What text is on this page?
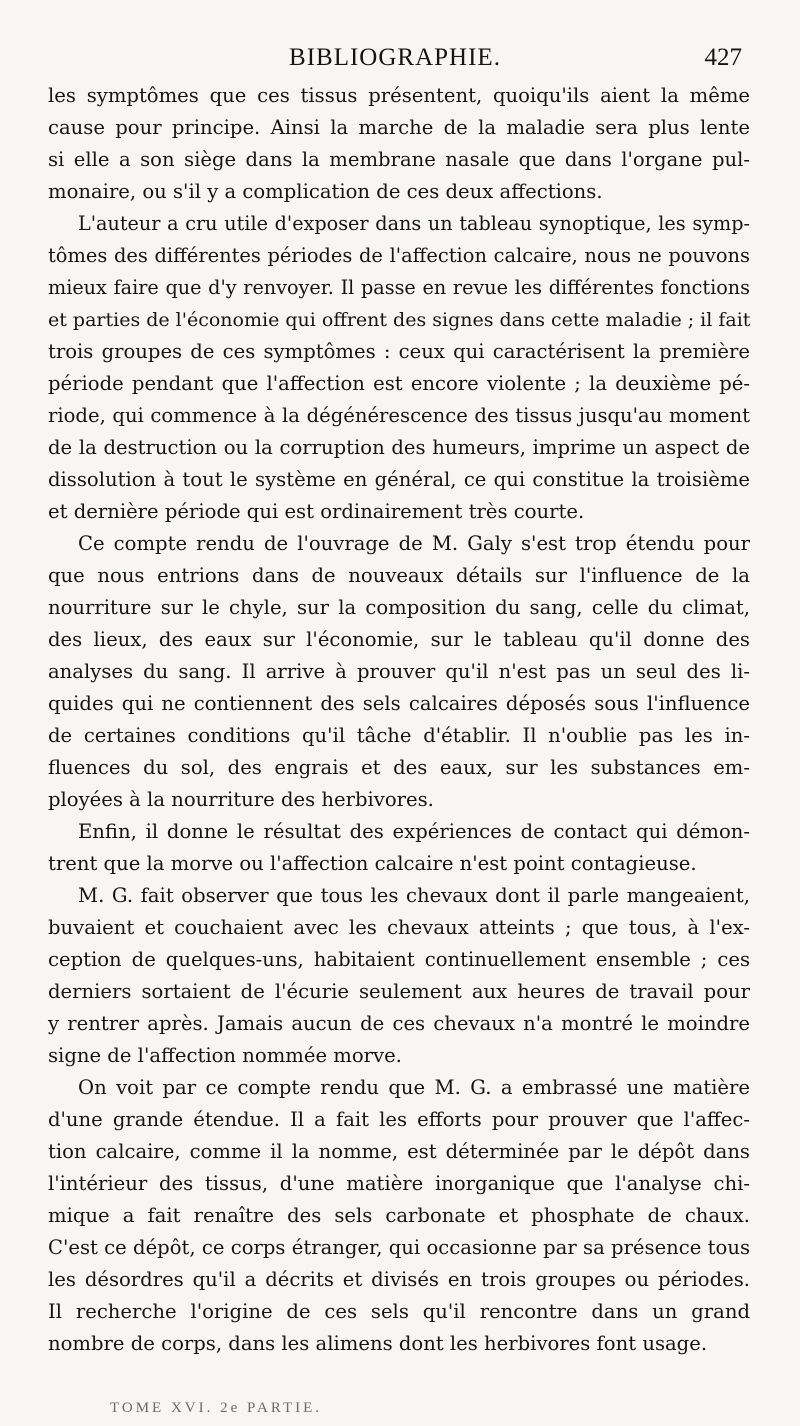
BIBLIOGRAPHIE.	427
les symptômes que ces tissus présentent, quoiqu'ils aient la même
cause pour principe. Ainsi la marche de la maladie sera plus lente
si elle a son siège dans la membrane nasale que dans l'organe pul-
monaire, ou s'il y a complication de ces deux affections.
L'auteur a cru utile d'exposer dans un tableau synoptique, les symp-
tômes des différentes périodes de l'affection calcaire, nous ne pouvons
mieux faire que d'y renvoyer. Il passe en revue les différentes fonctions
et parties de l'économie qui offrent des signes dans cette maladie ; il fait
trois groupes de ces symptômes : ceux qui caractérisent la première
période pendant que l'affection est encore violente ; la deuxième pé-
riode, qui commence à la dégénérescence des tissus jusqu'au moment
de la destruction ou la corruption des humeurs, imprime un aspect de
dissolution à tout le système en général, ce qui constitue la troisième
et dernière période qui est ordinairement très courte.
Ce compte rendu de l'ouvrage de M. Galy s'est trop étendu pour
que nous entrions dans de nouveaux détails sur l'influence de la
nourriture sur le chyle, sur la composition du sang, celle du climat,
des lieux, des eaux sur l'économie, sur le tableau qu'il donne des
analyses du sang. Il arrive à prouver qu'il n'est pas un seul des li-
quides qui ne contiennent des sels calcaires déposés sous l'influence
de certaines conditions qu'il tâche d'établir. Il n'oublie pas les in-
fluences du sol, des engrais et des eaux, sur les substances em-
ployées à la nourriture des herbivores.
Enfin, il donne le résultat des expériences de contact qui démon-
trent que la morve ou l'affection calcaire n'est point contagieuse.
M. G. fait observer que tous les chevaux dont il parle mangeaient,
buvaient et couchaient avec les chevaux atteints ; que tous, à l'ex-
ception de quelques-uns, habitaient continuellement ensemble ; ces
derniers sortaient de l'écurie seulement aux heures de travail pour
y rentrer après. Jamais aucun de ces chevaux n'a montré le moindre
signe de l'affection nommée morve.
On voit par ce compte rendu que M. G. a embrassé une matière
d'une grande étendue. Il a fait les efforts pour prouver que l'affec-
tion calcaire, comme il la nomme, est déterminée par le dépôt dans
l'intérieur des tissus, d'une matière inorganique que l'analyse chi-
mique a fait renaître des sels carbonate et phosphate de chaux.
C'est ce dépôt, ce corps étranger, qui occasionne par sa présence tous
les désordres qu'il a décrits et divisés en trois groupes ou périodes.
Il recherche l'origine de ces sels qu'il rencontre dans un grand
nombre de corps, dans les alimens dont les herbivores font usage.
TOME XVI. 2e PARTIE.
